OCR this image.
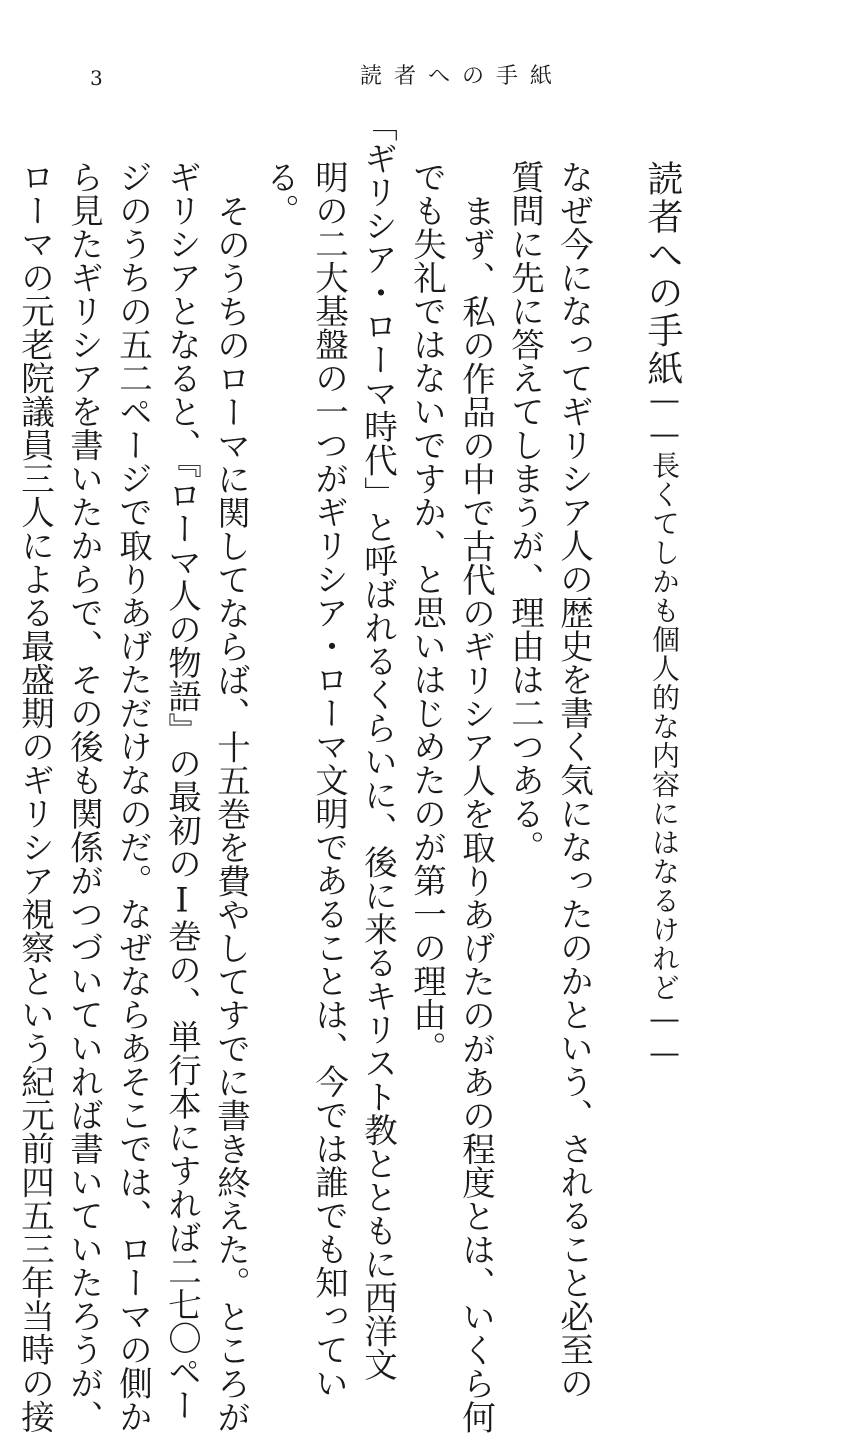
3	読者への手紙
読者への手紙
――長くてしかも個人的な内容にはなるけれど――
なぜ今になってギリシア人の歴史を書く気になったのかという、されること必至の
質問に先に答えてしまうが、理由は二つある。
まず、私の作品の中で古代のギリシア人を取りあげたのがあの程度とは、いくら何
でも失礼ではないですか、と思いはじめたのが第一の理由。
「ギリシア・ローマ時代」と呼ばれるくらいに、後に来るキリスト教とともに西洋文
明の二大基盤の一つがギリシア・ローマ文明であることは、今では誰でも知ってい
る。
そのうちのローマに関してならば、十五巻を費やしてすでに書き終えた。ところが
ギリシアとなると、『ローマ人の物語』の最初のⅠ巻の、単行本にすれば二七〇ペー
ジのうちの五二ページで取りあげただけなのだ。なぜならあそこでは、ローマの側か
ら見たギリシアを書いたからで、その後も関係がつづいていれば書いていたろうが、
ローマの元老院議員三人による最盛期のギリシア視察という紀元前四五三年当時の接
